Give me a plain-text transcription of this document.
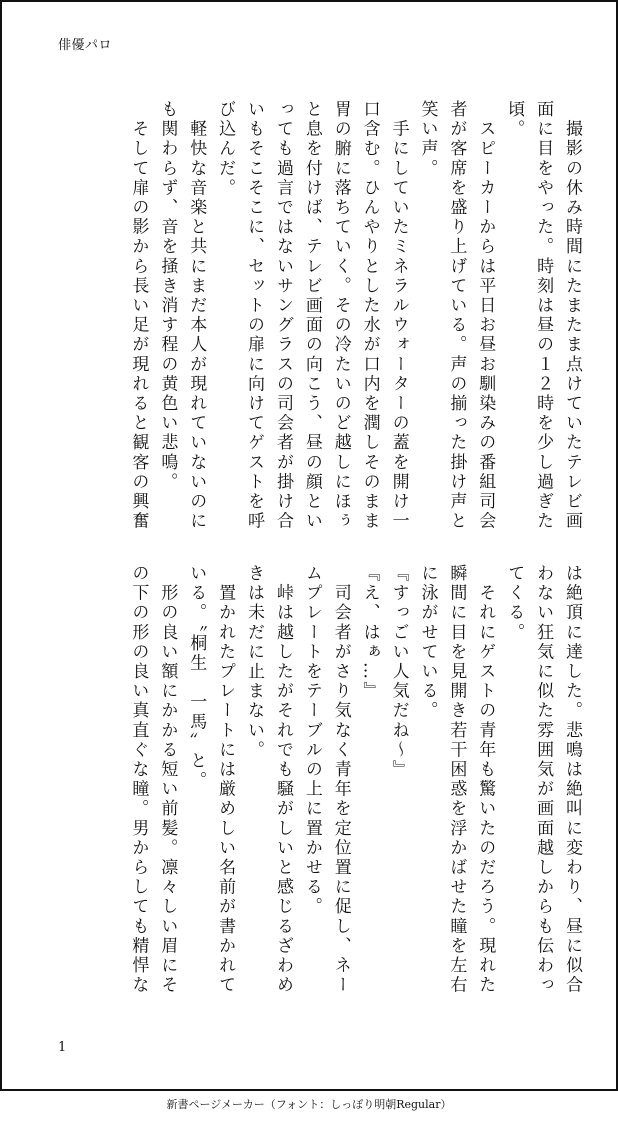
俳優パロ

　撮影の休み時間にたまたま点けていたテレビ画面に目をやった。時刻は昼の１２時を少し過ぎた頃。

　スピーカーからは平日お昼お馴染みの番組司会者が客席を盛り上げている。声の揃った掛け声と笑い声。

　手にしていたミネラルウォーターの蓋を開け一口含む。ひんやりとした水が口内を潤しそのまま胃の腑に落ちていく。その冷たいのど越しにほぅと息を付けば、テレビ画面の向こう、昼の顔といっても過言ではないサングラスの司会者が掛け合いもそこそこに、セットの扉に向けてゲストを呼び込んだ。

　軽快な音楽と共にまだ本人が現れていないのにも関わらず、音を掻き消す程の黄色い悲鳴。

　そして扉の影から長い足が現れると観客の興奮

は絶頂に達した。悲鳴は絶叫に変わり、昼に似合わない狂気に似た雰囲気が画面越しからも伝わってくる。

　それにゲストの青年も驚いたのだろう。現れた瞬間に目を見開き若干困惑を浮かばせた瞳を左右に泳がせている。

『すっごい人気だね〜』

『え、はぁ…』

　司会者がさり気なく青年を定位置に促し、ネームプレートをテーブルの上に置かせる。

　峠は越したがそれでも騒がしいと感じるざわめきは未だに止まない。

　置かれたプレートには厳めしい名前が書かれている。〝桐生　一馬〟と。

　形の良い額にかかる短い前髪。凛々しい眉にその下の形の良い真直ぐな瞳。男からしても精悍な

1
新書ページメーカー（フォント：しっぽり明朝Regular）
